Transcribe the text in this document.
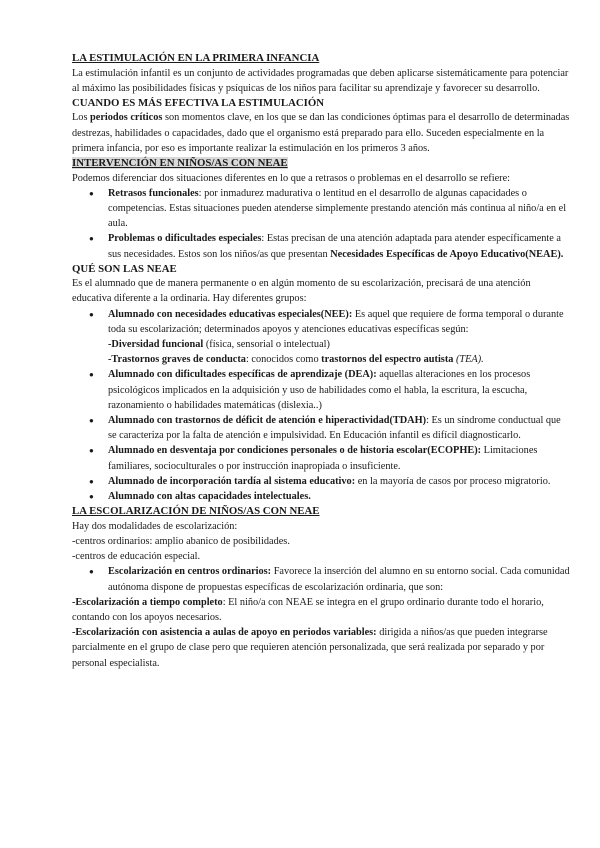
LA ESTIMULACIÓN EN LA PRIMERA INFANCIA

La estimulación infantil es un conjunto de actividades programadas que deben aplicarse sistemáticamente para potenciar al máximo las posibilidades físicas y psíquicas de los niños para facilitar su aprendizaje y favorecer su desarrollo.

CUANDO ES MÁS EFECTIVA LA ESTIMULACIÓN

Los periodos críticos son momentos clave, en los que se dan las condiciones óptimas para el desarrollo de determinadas destrezas, habilidades o capacidades, dado que el organismo está preparado para ello. Suceden especialmente en la primera infancia, por eso es importante realizar la estimulación en los primeros 3 años.

INTERVENCIÓN EN NIÑOS/AS CON NEAE

Podemos diferenciar dos situaciones diferentes en lo que a retrasos o problemas en el desarrollo se refiere:

● Retrasos funcionales: por inmadurez madurativa o lentitud en el desarrollo de algunas capacidades o competencias. Estas situaciones pueden atenderse simplemente prestando atención más continua al niño/a en el aula.
● Problemas o dificultades especiales: Estas precisan de una atención adaptada para atender específicamente a sus necesidades. Estos son los niños/as que presentan Necesidades Específicas de Apoyo Educativo(NEAE).

QUÉ SON LAS NEAE

Es el alumnado que de manera permanente o en algún momento de su escolarización, precisará de una atención educativa diferente a la ordinaria. Hay diferentes grupos:

● Alumnado con necesidades educativas especiales(NEE): Es aquel que requiere de forma temporal o durante toda su escolarización; determinados apoyos y atenciones educativas específicas según:
-Diversidad funcional (física, sensorial o intelectual)
-Trastornos graves de conducta: conocidos como trastornos del espectro autista (TEA).
● Alumnado con dificultades específicas de aprendizaje (DEA): aquellas alteraciones en los procesos psicológicos implicados en la adquisición y uso de habilidades como el habla, la escritura, la escucha, razonamiento o habilidades matemáticas (dislexia..)
● Alumnado con trastornos de déficit de atención e hiperactividad(TDAH): Es un síndrome conductual que se caracteriza por la falta de atención e impulsividad. En Educación infantil es difícil diagnosticarlo.
● Alumnado en desventaja por condiciones personales o de historia escolar(ECOPHE): Limitaciones familiares, socioculturales o por instrucción inapropiada o insuficiente.
● Alumnado de incorporación tardía al sistema educativo: en la mayoría de casos por proceso migratorio.
● Alumnado con altas capacidades intelectuales.

LA ESCOLARIZACIÓN DE NIÑOS/AS CON NEAE

Hay dos modalidades de escolarización:

-centros ordinarios: amplio abanico de posibilidades.

-centros de educación especial.

● Escolarización en centros ordinarios: Favorece la inserción del alumno en su entorno social. Cada comunidad autónoma dispone de propuestas específicas de escolarización ordinaria, que son:

-Escolarización a tiempo completo: El niño/a con NEAE se integra en el grupo ordinario durante todo el horario, contando con los apoyos necesarios.

-Escolarización con asistencia a aulas de apoyo en periodos variables: dirigida a niños/as que pueden integrarse parcialmente en el grupo de clase pero que requieren atención personalizada, que será realizada por separado y por personal especialista.
